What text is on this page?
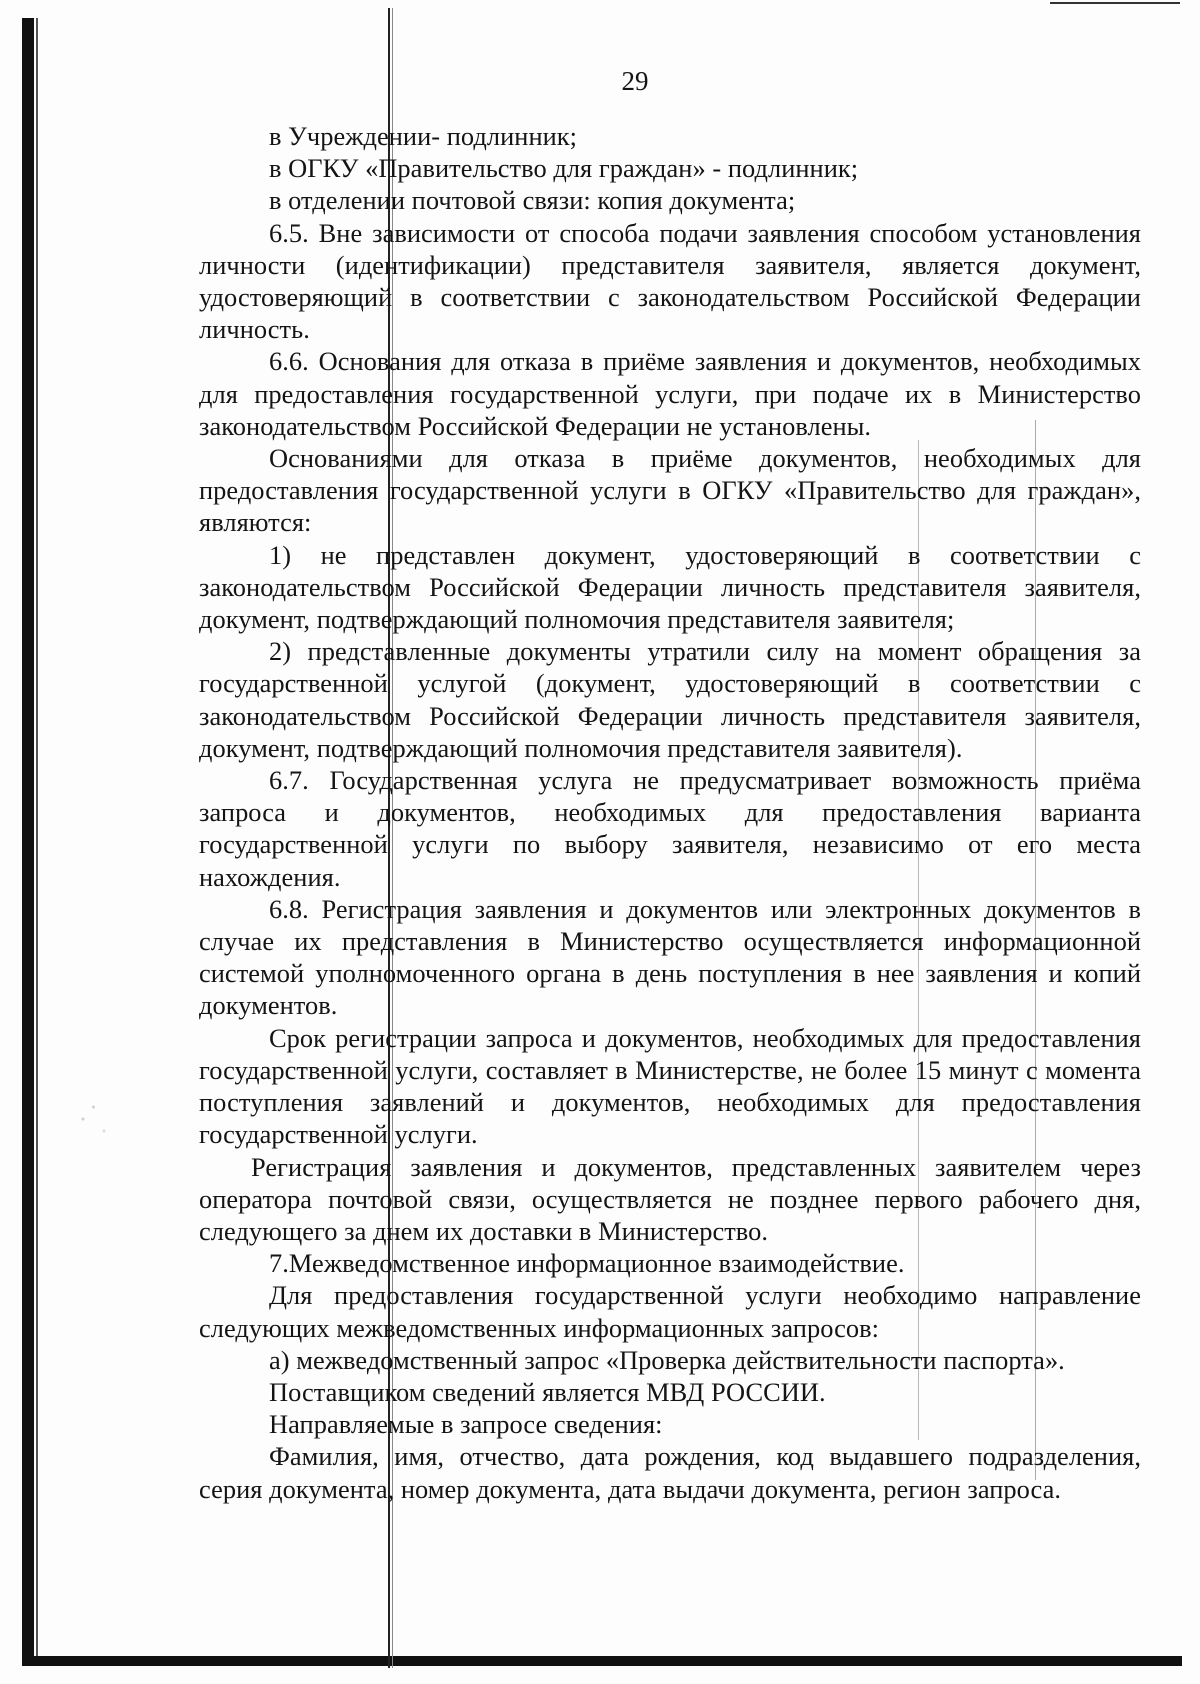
29

в Учреждении- подлинник;

в ОГКУ «Правительство для граждан» - подлинник;

в отделении почтовой связи: копия документа;

6.5. Вне зависимости от способа подачи заявления способом установления личности (идентификации) представителя заявителя, является документ, удостоверяющий в соответствии с законодательством Российской Федерации личность.

6.6. Основания для отказа в приёме заявления и документов, необходимых для предоставления государственной услуги, при подаче их в Министерство законодательством Российской Федерации не установлены.

Основаниями для отказа в приёме документов, необходимых для предоставления государственной услуги в ОГКУ «Правительство для граждан», являются:

1) не представлен документ, удостоверяющий в соответствии с законодательством Российской Федерации личность представителя заявителя, документ, подтверждающий полномочия представителя заявителя;

2) представленные документы утратили силу на момент обращения за государственной услугой (документ, удостоверяющий в соответствии с законодательством Российской Федерации личность представителя заявителя, документ, подтверждающий полномочия представителя заявителя).

6.7. Государственная услуга не предусматривает возможность приёма запроса и документов, необходимых для предоставления варианта государственной услуги по выбору заявителя, независимо от его места нахождения.

6.8. Регистрация заявления и документов или электронных документов в случае их представления в Министерство осуществляется информационной системой уполномоченного органа в день поступления в нее заявления и копий документов.

Срок регистрации запроса и документов, необходимых для предоставления государственной услуги, составляет в Министерстве, не более 15 минут с момента поступления заявлений и документов, необходимых для предоставления государственной услуги.

Регистрация заявления и документов, представленных заявителем через оператора почтовой связи, осуществляется не позднее первого рабочего дня, следующего за днем их доставки в Министерство.

7.Межведомственное информационное взаимодействие.

Для предоставления государственной услуги необходимо направление следующих межведомственных информационных запросов:

а) межведомственный запрос «Проверка действительности паспорта».

Поставщиком сведений является МВД РОССИИ.

Направляемые в запросе сведения:

Фамилия, имя, отчество, дата рождения, код выдавшего подразделения, серия документа, номер документа, дата выдачи документа, регион запроса.
